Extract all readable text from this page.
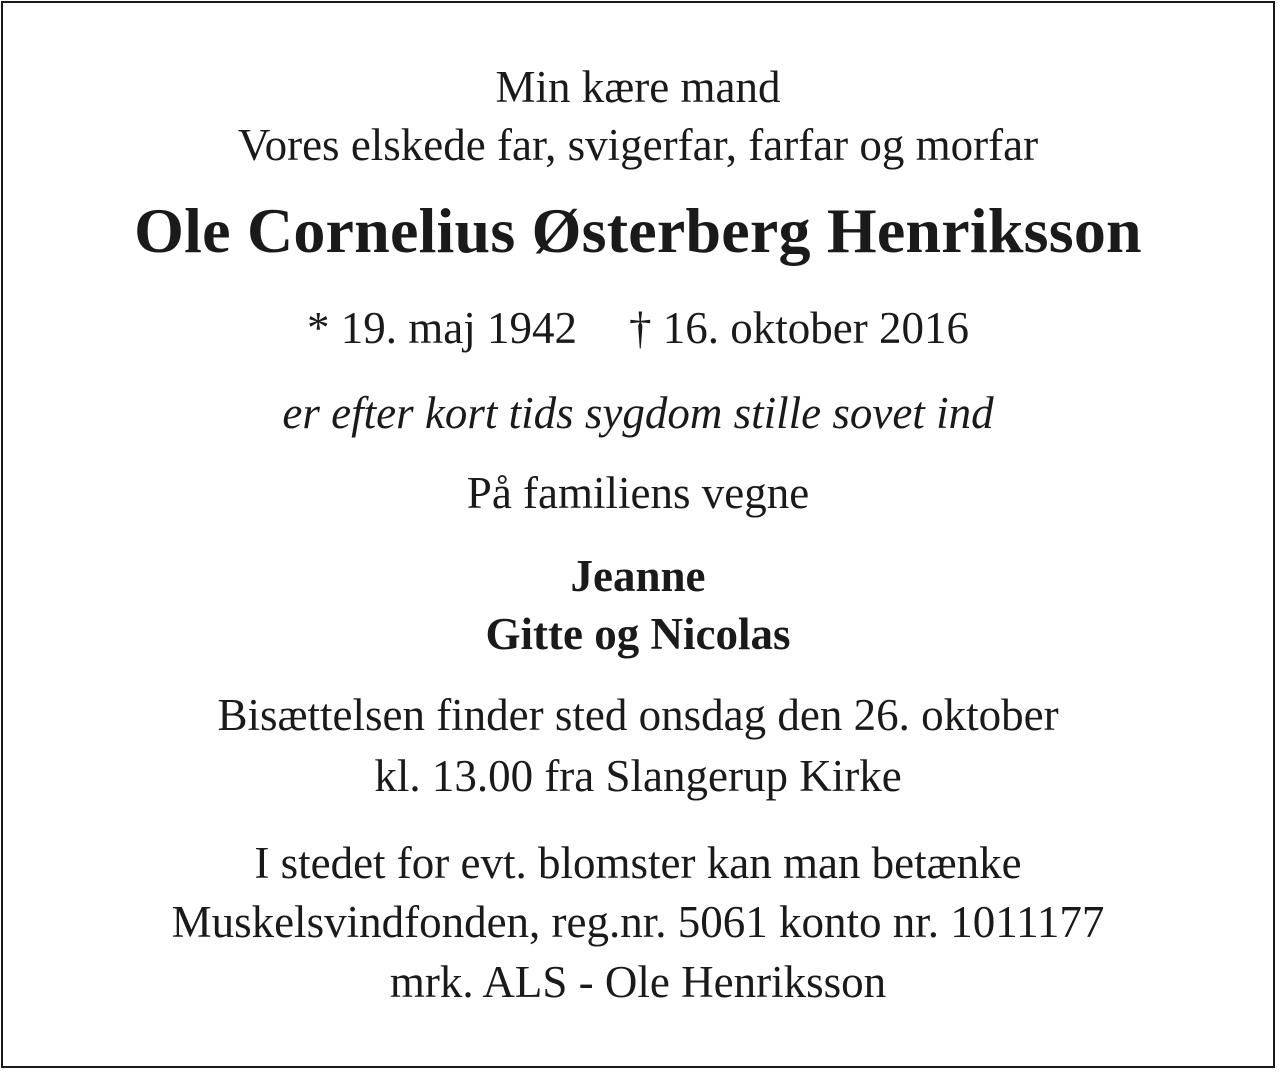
Min kære mand
Vores elskede far, svigerfar, farfar og morfar
Ole Cornelius Østerberg Henriksson
* 19. maj 1942 † 16. oktober 2016
er efter kort tids sygdom stille sovet ind
På familiens vegne
Jeanne
Gitte og Nicolas
Bisættelsen finder sted onsdag den 26. oktober
kl. 13.00 fra Slangerup Kirke
I stedet for evt. blomster kan man betænke
Muskelsvindfonden, reg.nr. 5061 konto nr. 1011177
mrk. ALS - Ole Henriksson
